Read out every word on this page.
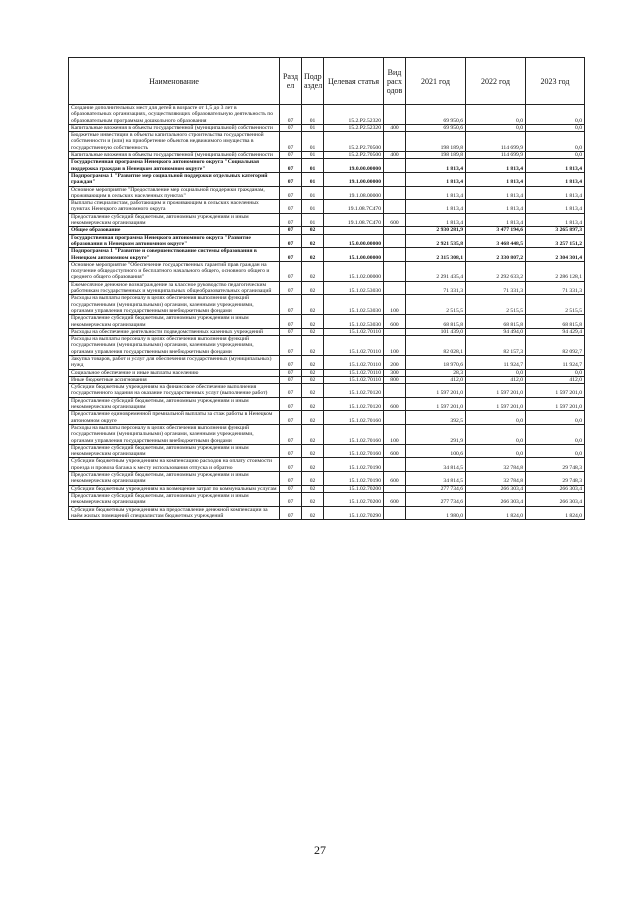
Наименование	Разд ел	Подр аздел	Целевая статья	Вид расх одов	2021 год	2022 год	2023 год
Создание дополнительных мест для детей в возрасте от 1,5 до 3 лет в образовательных организациях, осуществляющих образовательную деятельность по образовательным программам дошкольного образования	07	01	15.2.Р2.52320		69 950,6	0,0	0,0
Капитальные вложения в объекты государственной (муниципальной) собственности	07	01	15.2.Р2.52320	400	69 950,6	0,0	0,0
Бюджетные инвестиции в объекты капитального строительства государственной собственности и (или) на приобретение объектов недвижимого имущества в государственную собственность	07	01	15.2.Р2.70500		198 189,8	114 699,9	0,0
Капитальные вложения в объекты государственной (муниципальной) собственности	07	01	15.2.Р2.70500	400	198 189,8	114 699,9	0,0
Государственная программа Ненецкого автономного округа "Социальная поддержка граждан в Ненецком автономном округе"	07	01	19.0.00.00000		1 813,4	1 813,4	1 813,4
Подпрограмма 1 "Развитие мер социальной поддержки отдельных категорий граждан"	07	01	19.1.00.00000		1 813,4	1 813,4	1 813,4
Основное мероприятие "Предоставление мер социальной поддержки гражданам, проживающим в сельских населенных пунктах"	07	01	19.1.08.00000		1 813,4	1 813,4	1 813,4
Выплаты специалистам, работающим и проживающим в сельских населенных пунктах Ненецкого автономного округа	07	01	19.1.08.7С470		1 813,4	1 813,4	1 813,4
Предоставление субсидий бюджетным, автономным учреждениям и иным некоммерческим организациям	07	01	19.1.08.7С470	600	1 813,4	1 813,4	1 813,4
Общее образование	07	02			2 930 281,9	3 477 194,6	3 265 897,3
Государственная программа Ненецкого автономного округа "Развитие образования в Ненецком автономном округе"	07	02	15.0.00.00000		2 921 535,8	3 468 448,5	3 257 151,2
Подпрограмма 1 "Развитие и совершенствование системы образования в Ненецком автономном округе"	07	02	15.1.00.00000		2 315 308,1	2 330 807,2	2 304 301,4
Основное мероприятие "Обеспечение государственных гарантий прав граждан на получение общедоступного и бесплатного начального общего, основного общего и среднего общего образования"	07	02	15.1.02.00000		2 291 435,4	2 292 633,2	2 286 128,1
Ежемесячное денежное вознаграждение за классное руководство педагогическим работникам государственных и муниципальных общеобразовательных организаций	07	02	15.1.02.53030		71 331,3	71 331,3	71 331,3
Расходы на выплаты персоналу в целях обеспечения выполнения функций государственными (муниципальными) органами, казенными учреждениями, органами управления государственными внебюджетными фондами	07	02	15.1.02.53030	100	2 515,5	2 515,5	2 515,5
Предоставление субсидий бюджетным, автономным учреждениям и иным некоммерческим организациям	07	02	15.1.02.53030	600	68 815,8	68 815,8	68 815,8
Расходы на обеспечение деятельности подведомственных казенных учреждений	07	02	15.1.02.70110		101 439,0	94 494,0	94 429,4
Расходы на выплаты персоналу в целях обеспечения выполнения функций государственными (муниципальными) органами, казенными учреждениями, органами управления государственными внебюджетными фондами	07	02	15.1.02.70110	100	82 028,1	82 157,3	82 092,7
Закупка товаров, работ и услуг для обеспечения государственных (муниципальных) нужд	07	02	15.1.02.70110	200	18 970,6	11 924,7	11 924,7
Социальное обеспечение и иные выплаты населению	07	02	15.1.02.70110	300	28,3	0,0	0,0
Иные бюджетные ассигнования	07	02	15.1.02.70110	800	412,0	412,0	412,0
Субсидии бюджетным учреждениям на финансовое обеспечение выполнения государственного задания на оказание государственных услуг (выполнение работ)	07	02	15.1.02.70120		1 597 201,0	1 597 201,0	1 597 201,0
Предоставление субсидий бюджетным, автономным учреждениям и иным некоммерческим организациям	07	02	15.1.02.70120	600	1 597 201,0	1 597 201,0	1 597 201,0
Предоставление единовременной премиальной выплаты за стаж работы в Ненецком автономном округе	07	02	15.1.02.70160		392,5	0,0	0,0
Расходы на выплаты персоналу в целях обеспечения выполнения функций государственными (муниципальными) органами, казенными учреждениями, органами управления государственными внебюджетными фондами	07	02	15.1.02.70160	100	291,9	0,0	0,0
Предоставление субсидий бюджетным, автономным учреждениям и иным некоммерческим организациям	07	02	15.1.02.70160	600	100,6	0,0	0,0
Субсидии бюджетным учреждениям на компенсацию расходов на оплату стоимости проезда и провоза багажа к месту использования отпуска и обратно	07	02	15.1.02.70190		34 814,5	32 784,8	29 748,3
Предоставление субсидий бюджетным, автономным учреждениям и иным некоммерческим организациям	07	02	15.1.02.70190	600	34 814,5	32 784,8	29 748,3
Субсидии бюджетным учреждениям на возмещение затрат по коммунальным услугам	07	02	15.1.02.70200		277 734,6	266 303,4	266 303,4
Предоставление субсидий бюджетным, автономным учреждениям и иным некоммерческим организациям	07	02	15.1.02.70200	600	277 734,6	266 303,4	266 303,4
Субсидии бюджетным учреждениям на предоставление денежной компенсации за наём жилых помещений специалистам бюджетных учреждений	07	02	15.1.02.70290		1 980,0	1 824,0	1 824,0
27
